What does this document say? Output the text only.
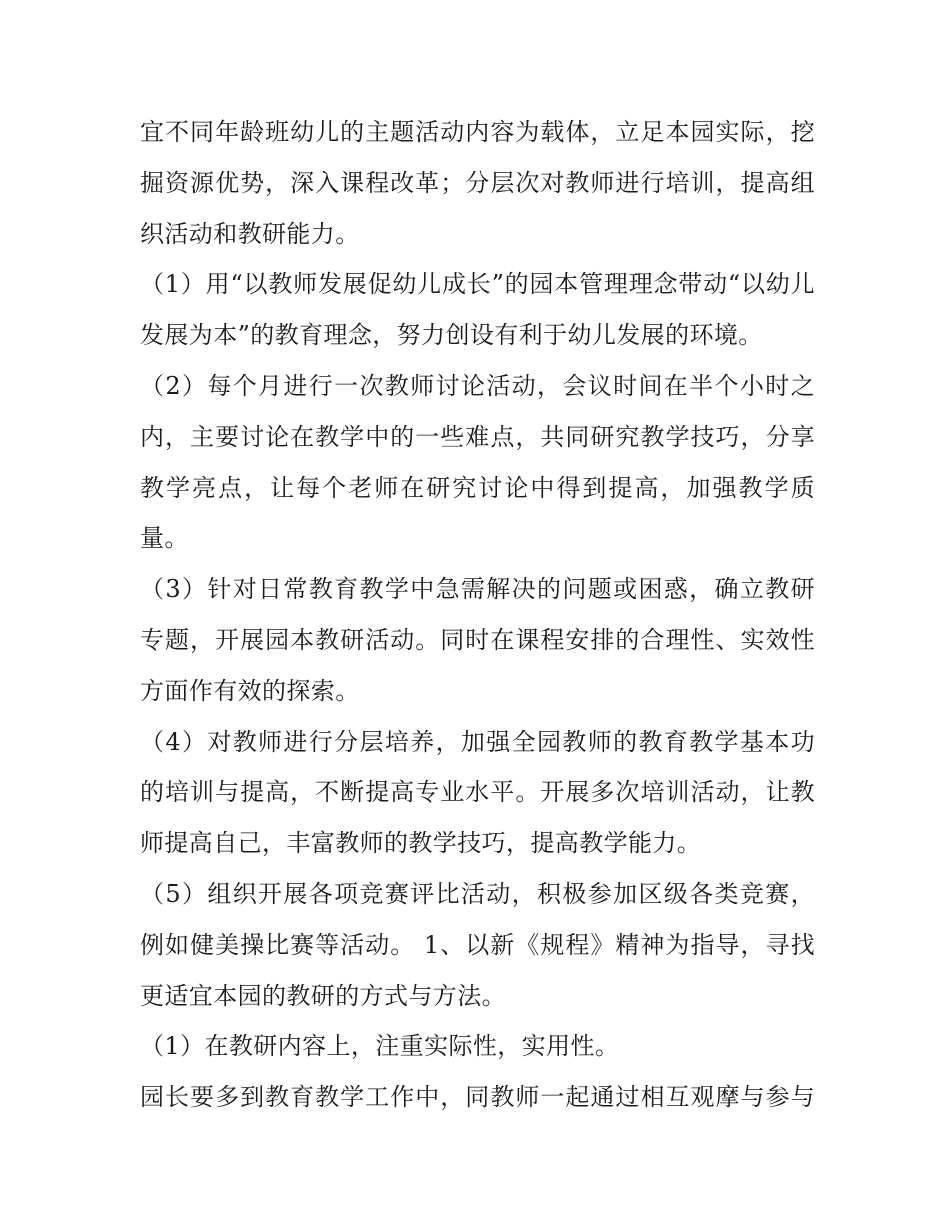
宜不同年龄班幼儿的主题活动内容为载体，立足本园实际，挖
掘资源优势，深入课程改革；分层次对教师进行培训，提高组
织活动和教研能力。
（1）用“以教师发展促幼儿成长”的园本管理理念带动“以幼儿
发展为本”的教育理念，努力创设有利于幼儿发展的环境。
（2）每个月进行一次教师讨论活动，会议时间在半个小时之
内，主要讨论在教学中的一些难点，共同研究教学技巧，分享
教学亮点，让每个老师在研究讨论中得到提高，加强教学质
量。
（3）针对日常教育教学中急需解决的问题或困惑，确立教研
专题，开展园本教研活动。同时在课程安排的合理性、实效性
方面作有效的探索。
（4）对教师进行分层培养，加强全园教师的教育教学基本功
的培训与提高，不断提高专业水平。开展多次培训活动，让教
师提高自己，丰富教师的教学技巧，提高教学能力。
（5）组织开展各项竞赛评比活动，积极参加区级各类竞赛，
例如健美操比赛等活动。 1、以新《规程》精神为指导，寻找
更适宜本园的教研的方式与方法。
（1）在教研内容上，注重实际性，实用性。
园长要多到教育教学工作中，同教师一起通过相互观摩与参与
